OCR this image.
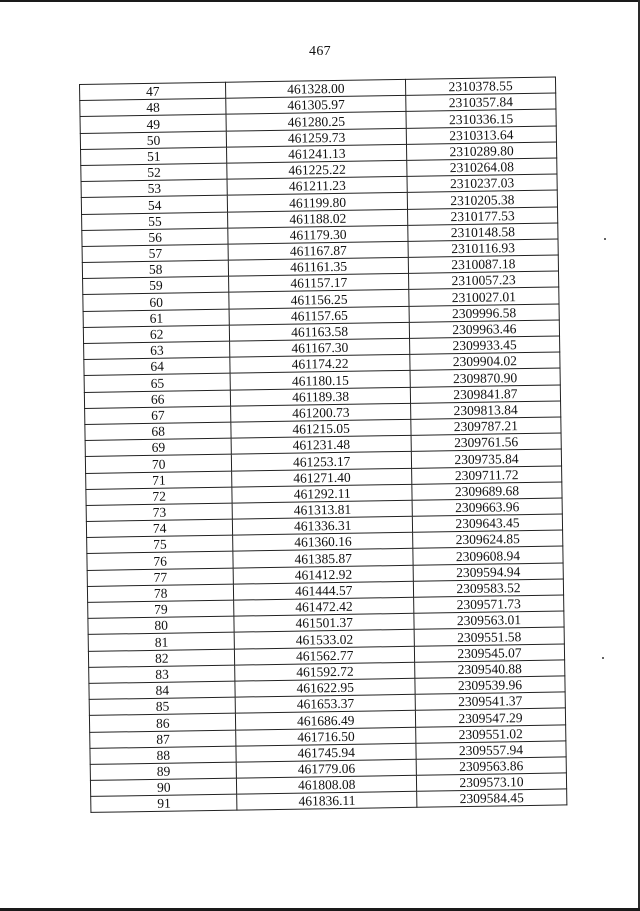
467
47	461328.00	2310378.55
48	461305.97	2310357.84
49	461280.25	2310336.15
50	461259.73	2310313.64
51	461241.13	2310289.80
52	461225.22	2310264.08
53	461211.23	2310237.03
54	461199.80	2310205.38
55	461188.02	2310177.53
56	461179.30	2310148.58
57	461167.87	2310116.93
58	461161.35	2310087.18
59	461157.17	2310057.23
60	461156.25	2310027.01
61	461157.65	2309996.58
62	461163.58	2309963.46
63	461167.30	2309933.45
64	461174.22	2309904.02
65	461180.15	2309870.90
66	461189.38	2309841.87
67	461200.73	2309813.84
68	461215.05	2309787.21
69	461231.48	2309761.56
70	461253.17	2309735.84
71	461271.40	2309711.72
72	461292.11	2309689.68
73	461313.81	2309663.96
74	461336.31	2309643.45
75	461360.16	2309624.85
76	461385.87	2309608.94
77	461412.92	2309594.94
78	461444.57	2309583.52
79	461472.42	2309571.73
80	461501.37	2309563.01
81	461533.02	2309551.58
82	461562.77	2309545.07
83	461592.72	2309540.88
84	461622.95	2309539.96
85	461653.37	2309541.37
86	461686.49	2309547.29
87	461716.50	2309551.02
88	461745.94	2309557.94
89	461779.06	2309563.86
90	461808.08	2309573.10
91	461836.11	2309584.45
